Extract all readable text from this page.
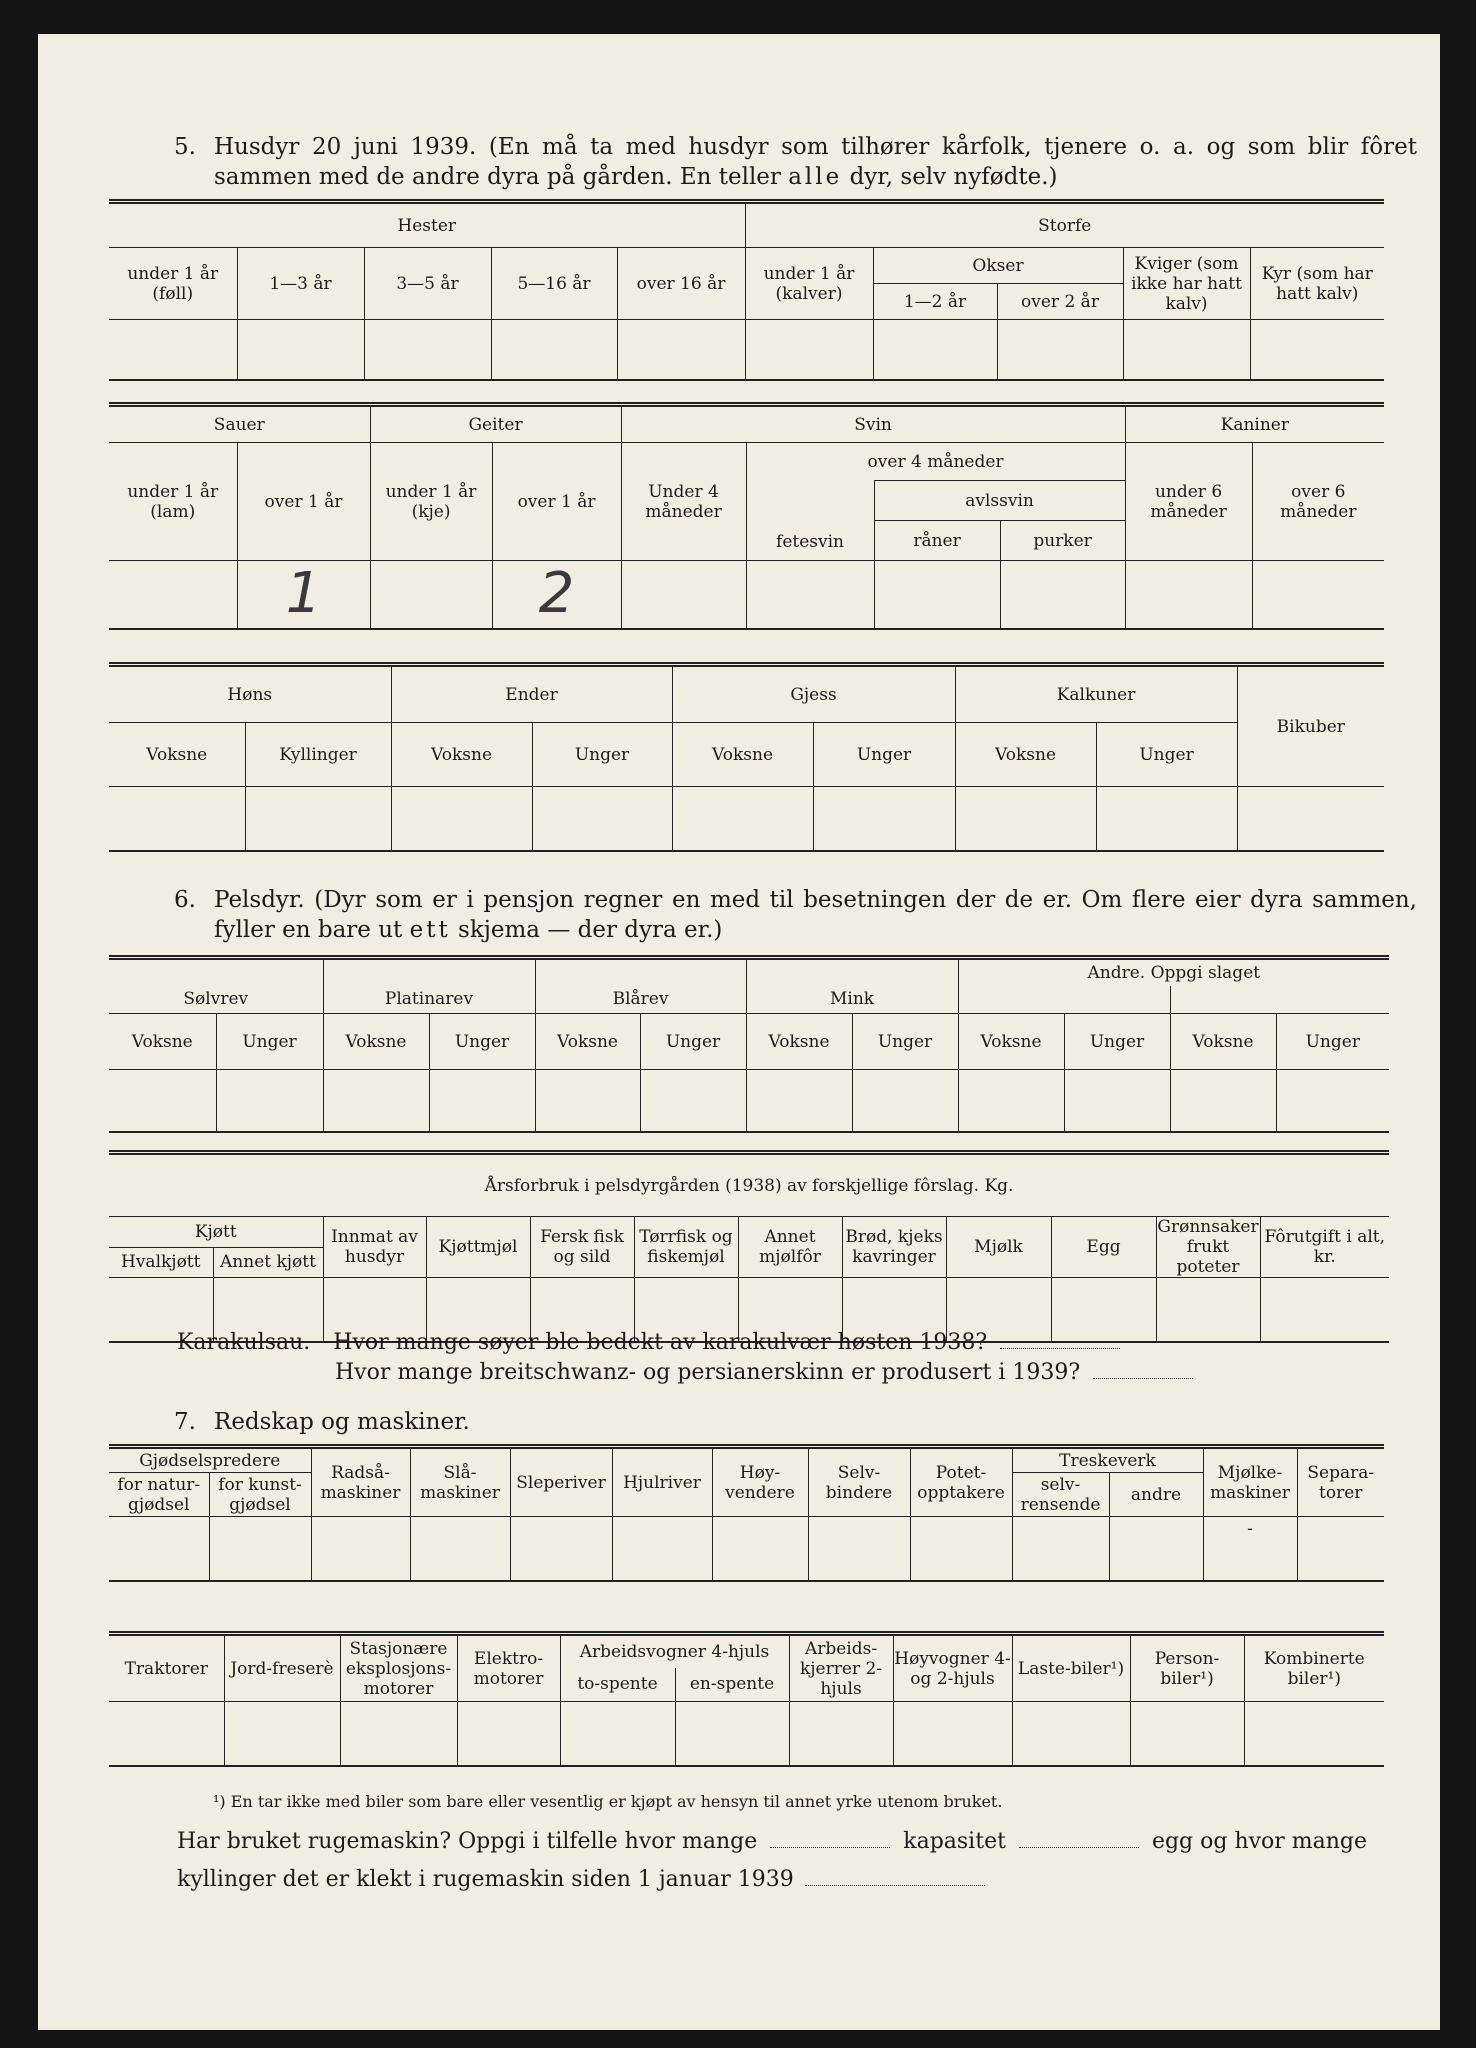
5. Husdyr 20 juni 1939. (En må ta med husdyr som tilhører kårfolk, tjenere o. a. og som blir fôret sammen med de andre dyra på gården. En teller alle dyr, selv nyfødte.)

Hester					Storfe				
under 1 år (føll)	1—3 år	3—5 år	5—16 år	over 16 år	under 1 år (kalver)	Okser		Kviger (som ikke har hatt kalv)	Kyr (som har hatt kalv)
						1—2 år	over 2 år		

Sauer		Geiter		Svin				Kaniner	
under 1 år (lam)	over 1 år	under 1 år (kje)	over 1 år	Under 4 måneder	over 4 måneder			under 6 måneder	over 6 måneder
					fetesvin	avlssvin			
						råner	purker		
	1		2						
Høns		Ender		Gjess		Kalkuner		Bikuber
Voksne	Kyllinger	Voksne	Unger	Voksne	Unger	Voksne	Unger	

6. Pelsdyr. (Dyr som er i pensjon regner en med til besetningen der de er. Om flere eier dyra sammen, fyller en bare ut ett skjema — der dyra er.)

Sølvrev		Platinarev		Blårev		Mink		Andre. Oppgi slaget			

Voksne	Unger	Voksne	Unger	Voksne	Unger	Voksne	Unger	Voksne	Unger	Voksne	Unger

Årsforbruk i pelsdyrgården (1938) av forskjellige fôrslag. Kg.											
Kjøtt		Innmat av husdyr	Kjøttmjøl	Fersk fisk og sild	Tørrfisk og fiskemjøl	Annet mjølfôr	Brød, kjeks kavringer	Mjølk	Egg	Grønnsaker frukt poteter	Fôrutgift i alt, kr.
Hvalkjøtt	Annet kjøtt										

Karakulsau. Hvor mange søyer ble bedekt av karakulvær høsten 1938?
Hvor mange breitschwanz- og persianerskinn er produsert i 1939?
7. Redskap og maskiner.
Gjødselspredere		Radså-maskiner	Slå-maskiner	Sleperiver	Hjulriver	Høy-vendere	Selv-bindere	Potet-opptakere	Treskeverk		Mjølke-maskiner	Separa-torer
for natur-gjødsel	for kunst-gjødsel								selv-rensende	andre		
											-	
Traktorer	Jord-freserè	Stasjonære eksplosjons-motorer	Elektro-motorer	Arbeidsvogner 4-hjuls		Arbeids-kjerrer 2-hjuls	Høyvogner 4- og 2-hjuls	Laste-biler¹)	Person-biler¹)	Kombinerte biler¹)
				to-spente	en-spente					

¹) En tar ikke med biler som bare eller vesentlig er kjøpt av hensyn til annet yrke utenom bruket.
Har bruket rugemaskin? Oppgi i tilfelle hvor mange	kapasitet	egg og hvor mange
kyllinger det er klekt i rugemaskin siden 1 januar 1939
